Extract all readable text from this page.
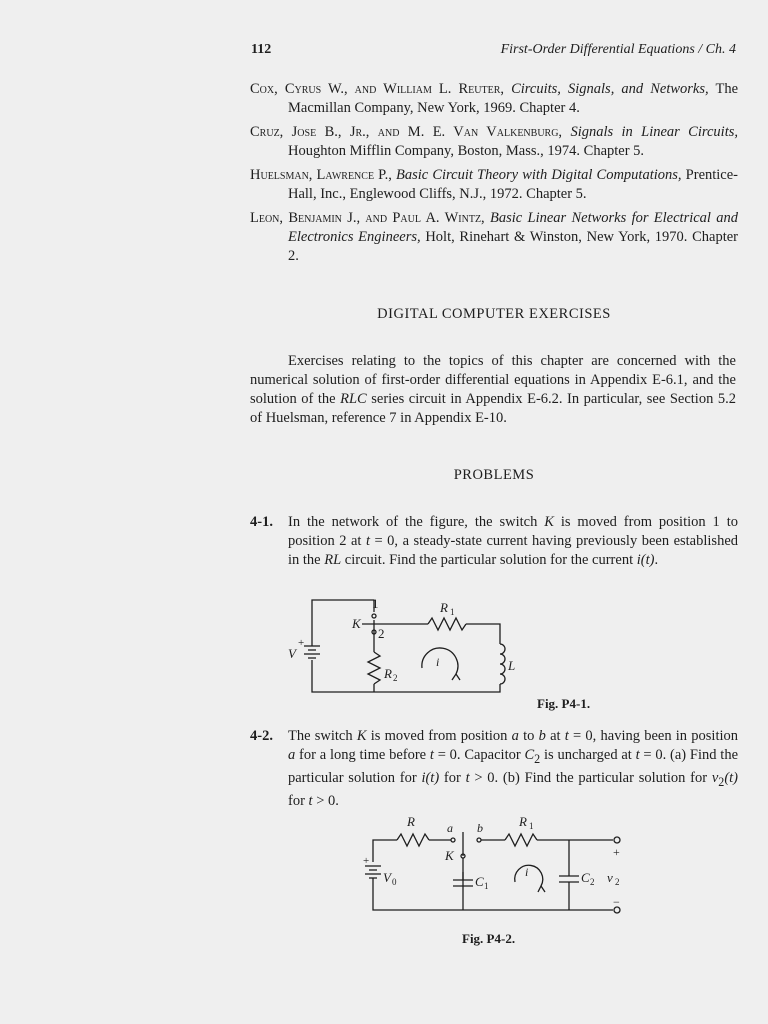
112	First-Order Differential Equations / Ch. 4
Cox, Cyrus W., and William L. Reuter, Circuits, Signals, and Networks, The Macmillan Company, New York, 1969. Chapter 4.
Cruz, Jose B., Jr., and M. E. Van Valkenburg, Signals in Linear Circuits, Houghton Mifflin Company, Boston, Mass., 1974. Chapter 5.
Huelsman, Lawrence P., Basic Circuit Theory with Digital Computations, Prentice-Hall, Inc., Englewood Cliffs, N.J., 1972. Chapter 5.
Leon, Benjamin J., and Paul A. Wintz, Basic Linear Networks for Electrical and Electronics Engineers, Holt, Rinehart & Winston, New York, 1970. Chapter 2.
DIGITAL COMPUTER EXERCISES
Exercises relating to the topics of this chapter are concerned with the numerical solution of first-order differential equations in Appendix E-6.1, and the solution of the RLC series circuit in Appendix E-6.2. In particular, see Section 5.2 of Huelsman, reference 7 in Appendix E-10.
PROBLEMS
4-1. In the network of the figure, the switch K is moved from position 1 to position 2 at t = 0, a steady-state current having previously been established in the RL circuit. Find the particular solution for the current i(t).
1
2
K
R 1
V
+
R 2
i	L
Fig. P4-1.
4-2. The switch K is moved from position a to b at t = 0, having been in position a for a long time before t = 0. Capacitor $C_2$ is uncharged at t = 0. (a) Find the particular solution for i(t) for t > 0. (b) Find the particular solution for $v_2(t)$ for t > 0.
R	a b	R 1
K
+
V 0	C 1
i	C 2 v 2
+
−
Fig. P4-2.
